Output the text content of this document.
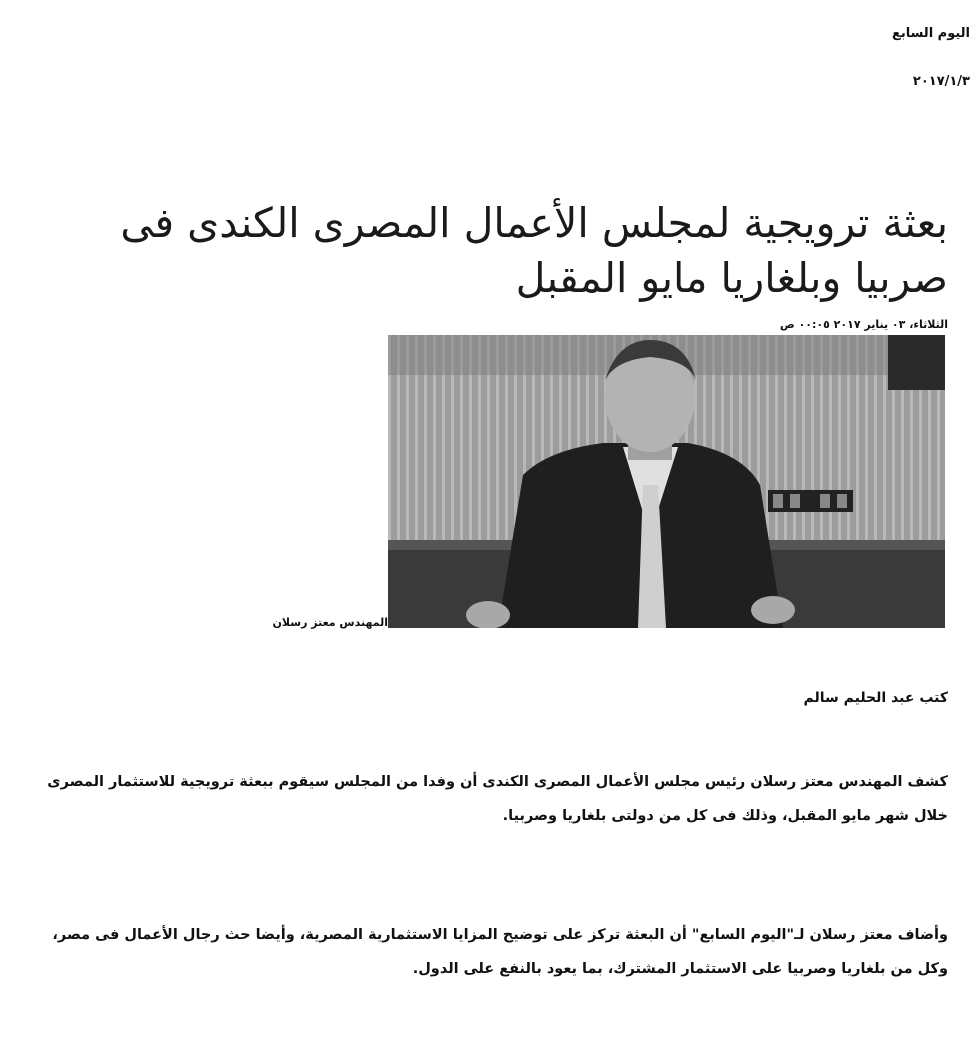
اليوم السابع
٢٠١٧/١/٣
بعثة ترويجية لمجلس الأعمال المصرى الكندى فى صربيا وبلغاريا مايو المقبل
الثلاثاء، ٠٣ يناير ٢٠١٧ ٠٠:٠٥ ص
المهندس معتز رسلان
كتب عبد الحليم سالم

كشف المهندس معتز رسلان رئيس مجلس الأعمال المصرى الكندى أن وفدا من المجلس سيقوم ببعثة ترويجية للاستثمار المصرى خلال شهر مايو المقبل، وذلك فى كل من دولتى بلغاريا وصربيا.

وأضاف معتز رسلان لـ"اليوم السابع" أن البعثة تركز على توضيح المزايا الاستثمارية المصرية، وأيضا حث رجال الأعمال فى مصر، وكل من بلغاريا وصربيا على الاستثمار المشترك، بما يعود بالنفع على الدول.
